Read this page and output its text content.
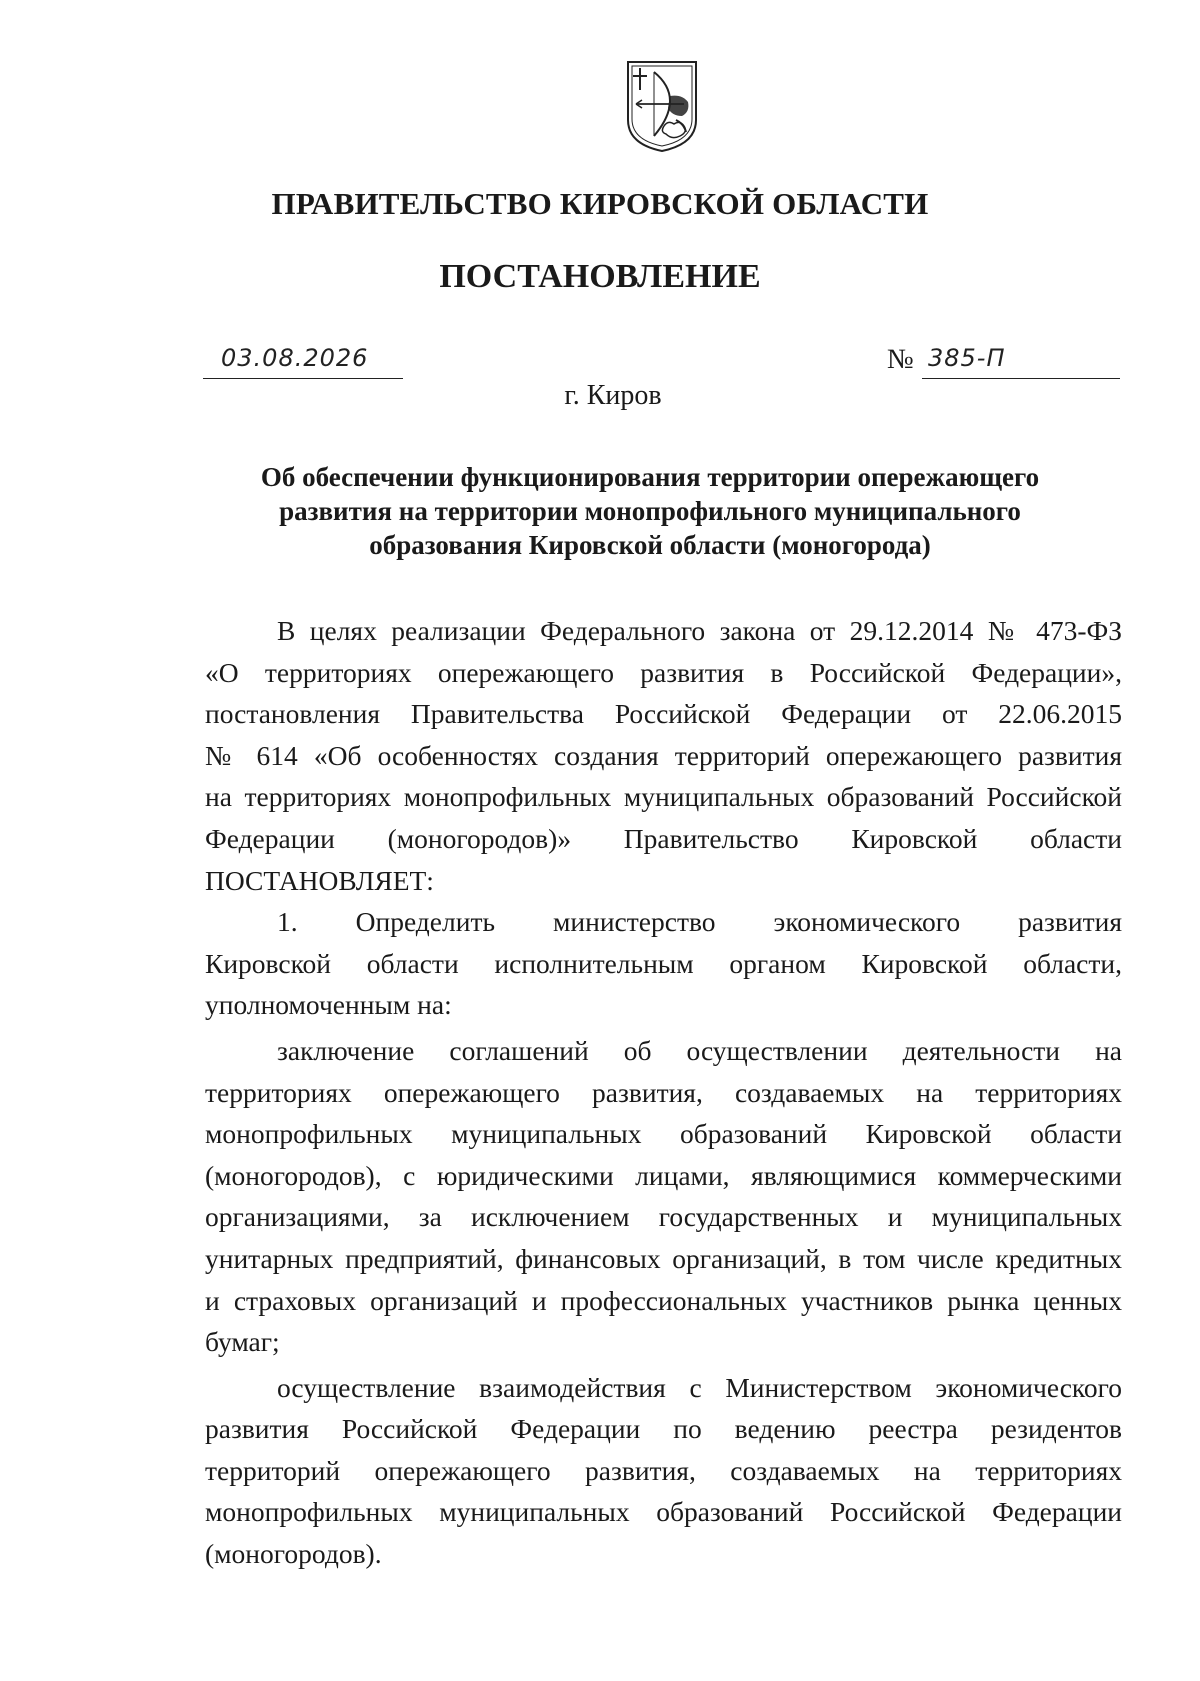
ПРАВИТЕЛЬСТВО КИРОВСКОЙ ОБЛАСТИ
ПОСТАНОВЛЕНИЕ
03.08.2026	№ 385-П
г. Киров
Об обеспечении функционирования территории опережающего
развития на территории монопрофильного муниципального
образования Кировской области (моногорода)
В целях реализации Федерального закона от 29.12.2014 № 473-ФЗ
«О территориях опережающего развития в Российской Федерации»,
постановления Правительства Российской Федерации от 22.06.2015
№ 614 «Об особенностях создания территорий опережающего развития
на территориях монопрофильных муниципальных образований Российской
Федерации (моногородов)» Правительство Кировской области
ПОСТАНОВЛЯЕТ:
1. Определить министерство экономического развития
Кировской области исполнительным органом Кировской области,
уполномоченным на:
заключение соглашений об осуществлении деятельности на
территориях опережающего развития, создаваемых на территориях
монопрофильных муниципальных образований Кировской области
(моногородов), с юридическими лицами, являющимися коммерческими
организациями, за исключением государственных и муниципальных
унитарных предприятий, финансовых организаций, в том числе кредитных
и страховых организаций и профессиональных участников рынка ценных
бумаг;
осуществление взаимодействия с Министерством экономического
развития Российской Федерации по ведению реестра резидентов
территорий опережающего развития, создаваемых на территориях
монопрофильных муниципальных образований Российской Федерации
(моногородов).
